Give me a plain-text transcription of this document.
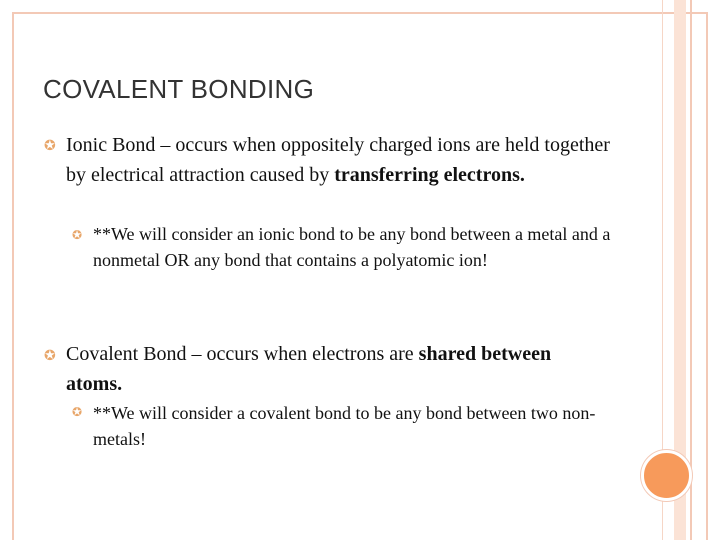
COVALENT BONDING
✪ Ionic Bond – occurs when oppositely charged ions are held together by electrical attraction caused by transferring electrons.
✪ **We will consider an ionic bond to be any bond between a metal and a nonmetal OR any bond that contains a polyatomic ion!
✪ Covalent Bond – occurs when electrons are shared between atoms.
✪ **We will consider a covalent bond to be any bond between two non-metals!
